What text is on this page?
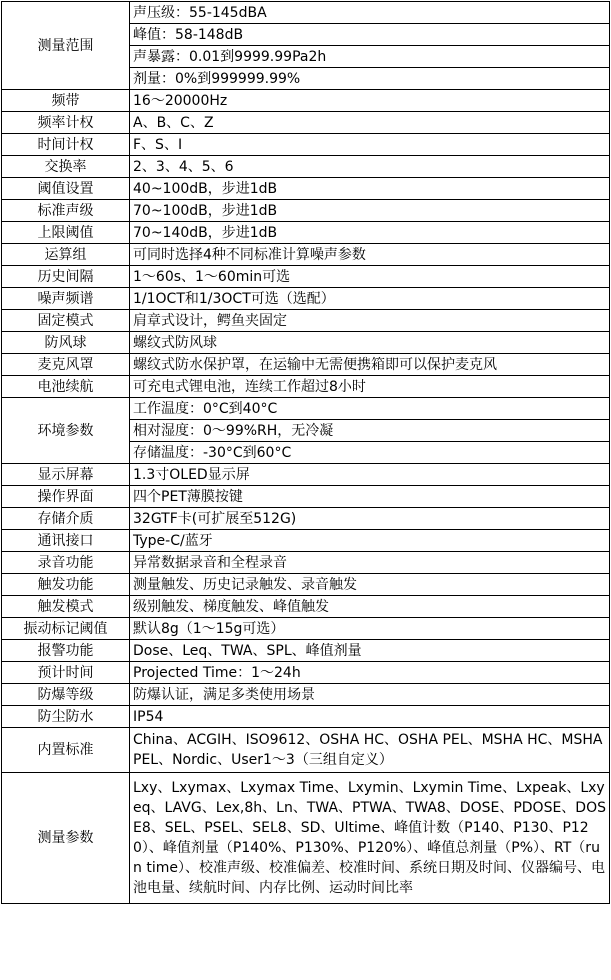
测量范围	声压级：55-145dBA
	峰值：58-148dB
	声暴露：0.01到9999.99Pa2h
	剂量：0%到999999.99%
频带	16～20000Hz
频率计权	A、B、C、Z
时间计权	F、S、I
交换率	2、3、4、5、6
阈值设置	40~100dB，步进1dB
标准声级	70~100dB，步进1dB
上限阈值	70~140dB，步进1dB
运算组	可同时选择4种不同标准计算噪声参数
历史间隔	1～60s、1～60min可选
噪声频谱	1/1OCT和1/3OCT可选（选配）
固定模式	肩章式设计，鳄鱼夹固定
防风球	螺纹式防风球
麦克风罩	螺纹式防水保护罩，在运输中无需便携箱即可以保护麦克风
电池续航	可充电式锂电池，连续工作超过8小时
环境参数	工作温度：0°C到40°C
	相对湿度：0～99%RH，无冷凝
	存储温度：-30°C到60°C
显示屏幕	1.3寸OLED显示屏
操作界面	四个PET薄膜按键
存储介质	32GTF卡(可扩展至512G)
通讯接口	Type-C/蓝牙
录音功能	异常数据录音和全程录音
触发功能	测量触发、历史记录触发、录音触发
触发模式	级别触发、梯度触发、峰值触发
振动标记阈值	默认8g（1～15g可选）
报警功能	Dose、Leq、TWA、SPL、峰值剂量
预计时间	Projected Time：1～24h
防爆等级	防爆认证，满足多类使用场景
防尘防水	IP54
内置标准	China、ACGIH、ISO9612、OSHA HC、OSHA PEL、MSHA HC、MSHA PEL、Nordic、User1～3（三组自定义）
测量参数	Lxy、Lxymax、Lxymax Time、Lxymin、Lxymin Time、Lxpeak、Lxyeq、LAVG、Lex,8h、Ln、TWA、PTWA、TWA8、DOSE、PDOSE、DOSE8、SEL、PSEL、SEL8、SD、Ultime、峰值计数（P140、P130、P120）、峰值剂量（P140%、P130%、P120%）、峰值总剂量（P%）、RT（run time）、校准声级、校准偏差、校准时间、系统日期及时间、仪器编号、电池电量、续航时间、内存比例、运动时间比率
